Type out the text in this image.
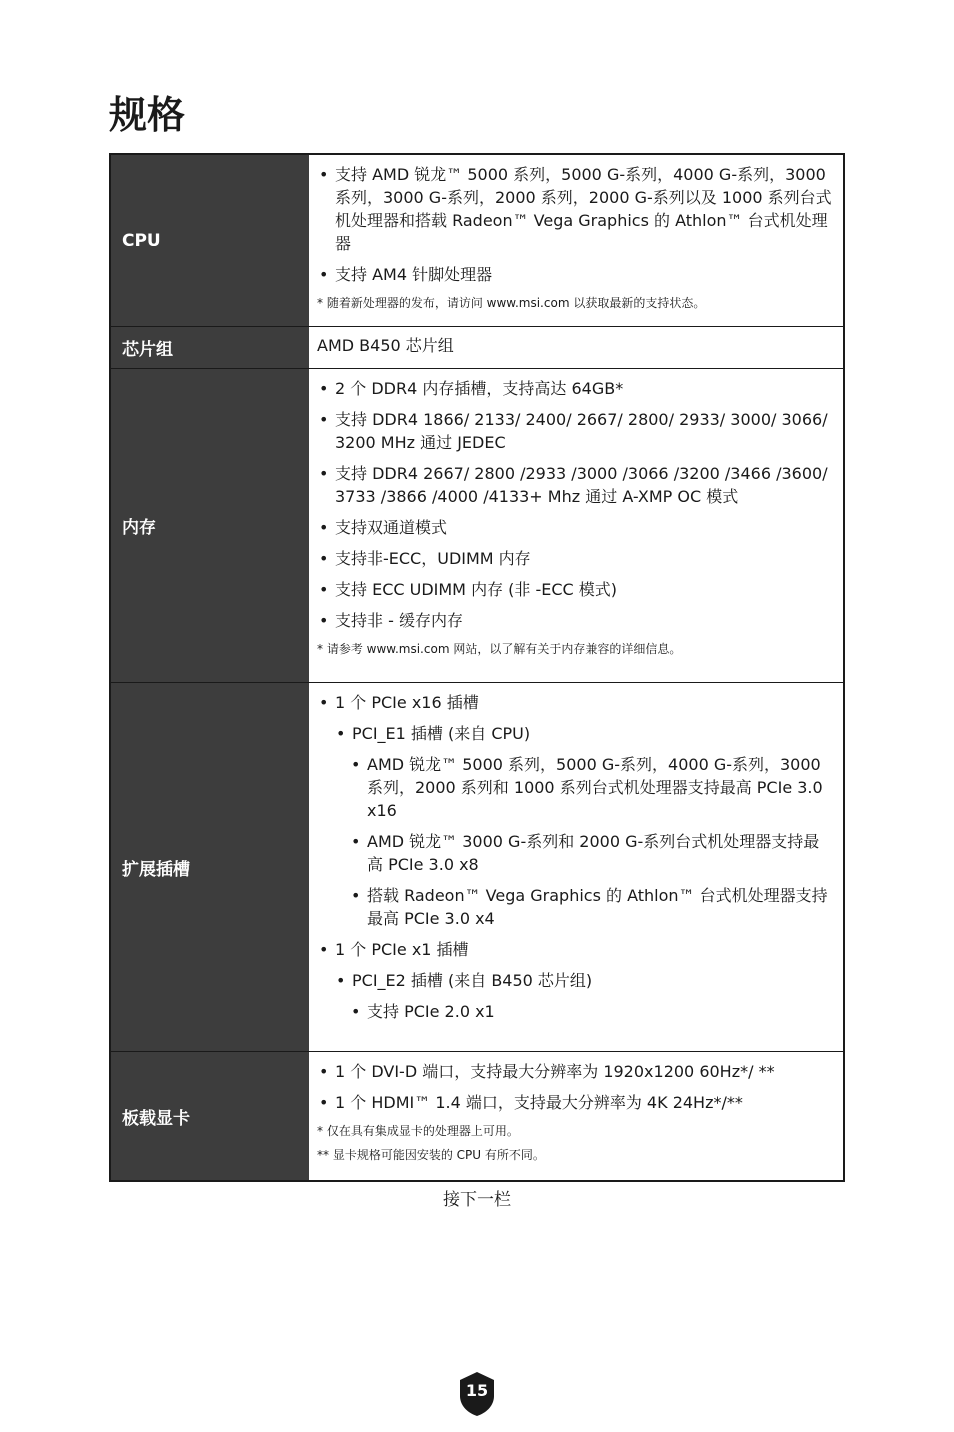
规格
CPU
• 支持 AMD 锐龙™ 5000 系列，5000 G-系列，4000 G-系列，3000 系列，3000 G-系列，2000 系列，2000 G-系列以及 1000 系列台式机处理器和搭载 Radeon™ Vega Graphics 的 Athlon™ 台式机处理器
• 支持 AM4 针脚处理器
* 随着新处理器的发布，请访问 www.msi.com 以获取最新的支持状态。
芯片组	AMD B450 芯片组
内存
• 2 个 DDR4 内存插槽，支持高达 64GB*
• 支持 DDR4 1866/ 2133/ 2400/ 2667/ 2800/ 2933/ 3000/ 3066/ 3200 MHz 通过 JEDEC
• 支持 DDR4 2667/ 2800 /2933 /3000 /3066 /3200 /3466 /3600/ 3733 /3866 /4000 /4133+ Mhz 通过 A-XMP OC 模式
• 支持双通道模式
• 支持非-ECC，UDIMM 内存
• 支持 ECC UDIMM 内存 (非 -ECC 模式)
• 支持非 - 缓存内存
* 请参考 www.msi.com 网站，以了解有关于内存兼容的详细信息。
扩展插槽
• 1 个 PCIe x16 插槽
• PCI_E1 插槽 (来自 CPU)
• AMD 锐龙™ 5000 系列，5000 G-系列，4000 G-系列，3000 系列，2000 系列和 1000 系列台式机处理器支持最高 PCIe 3.0 x16
• AMD 锐龙™ 3000 G-系列和 2000 G-系列台式机处理器支持最高 PCIe 3.0 x8
• 搭载 Radeon™ Vega Graphics 的 Athlon™ 台式机处理器支持最高 PCIe 3.0 x4
• 1 个 PCIe x1 插槽
• PCI_E2 插槽 (来自 B450 芯片组)
• 支持 PCIe 2.0 x1
板载显卡
• 1 个 DVI-D 端口，支持最大分辨率为 1920x1200 60Hz*/ **
• 1 个 HDMI™ 1.4 端口，支持最大分辨率为 4K 24Hz*/**
* 仅在具有集成显卡的处理器上可用。
** 显卡规格可能因安装的 CPU 有所不同。
接下一栏
15
